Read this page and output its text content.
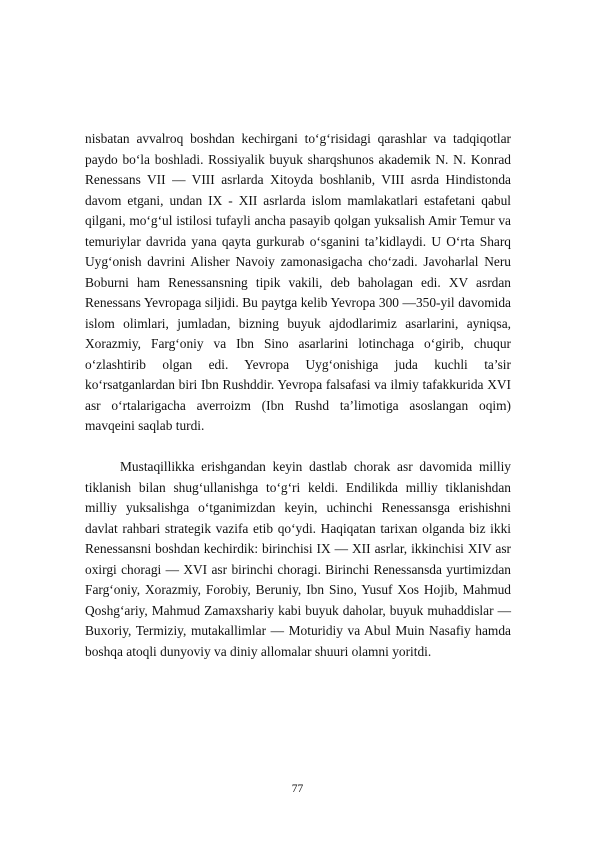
nisbatan avvalroq boshdan kechirgani to‘g‘risidagi qarashlar va tadqiqotlar paydo bo‘la boshladi. Rossiyalik buyuk sharqshunos akademik N. N. Konrad Renessans VII — VIII asrlarda Xitoyda boshlanib, VIII asrda Hindistonda davom etgani, undan IX - XII asrlarda islom mamlakatlari estafetani qabul qilgani, mo‘g‘ul istilosi tufayli ancha pasayib qolgan yuksalish Amir Temur va temuriylar davrida yana qayta gurkurab o‘sganini ta’kidlaydi. U O‘rta Sharq Uyg‘onish davrini Alisher Navoiy zamonasigacha cho‘zadi. Javoharlal Neru Boburni ham Renessansning tipik vakili, deb baholagan edi. XV asrdan Renessans Yevropaga siljidi. Bu paytga kelib Yevropa 300 —350-yil davomida islom olimlari, jumladan, bizning buyuk ajdodlarimiz asarlarini, ayniqsa, Xorazmiy, Farg‘oniy va Ibn Sino asarlarini lotinchaga o‘girib, chuqur o‘zlashtirib olgan edi. Yevropa Uyg‘onishiga juda kuchli ta’sir ko‘rsatganlardan biri Ibn Rushddir. Yevropa falsafasi va ilmiy tafakkurida XVI asr o‘rtalarigacha averroizm (Ibn Rushd ta’limotiga asoslangan oqim) mavqeini saqlab turdi.

Mustaqillikka erishgandan keyin dastlab chorak asr davomida milliy tiklanish bilan shug‘ullanishga to‘g‘ri keldi. Endilikda milliy tiklanishdan milliy yuksalishga o‘tganimizdan keyin, uchinchi Renessansga erishishni davlat rahbari strategik vazifa etib qo‘ydi. Haqiqatan tarixan olganda biz ikki Renessansni boshdan kechirdik: birinchisi IX — XII asrlar, ikkinchisi XIV asr oxirgi choragi — XVI asr birinchi choragi. Birinchi Renessansda yurtimizdan Farg‘oniy, Xorazmiy, Forobiy, Beruniy, Ibn Sino, Yusuf Xos Hojib, Mahmud Qoshg‘ariy, Mahmud Zamaxshariy kabi buyuk daholar, buyuk muhaddislar — Buxoriy, Termiziy, mutakallimlar — Moturidiy va Abul Muin Nasafiy hamda boshqa atoqli dunyoviy va diniy allomalar shuuri olamni yoritdi.

77
